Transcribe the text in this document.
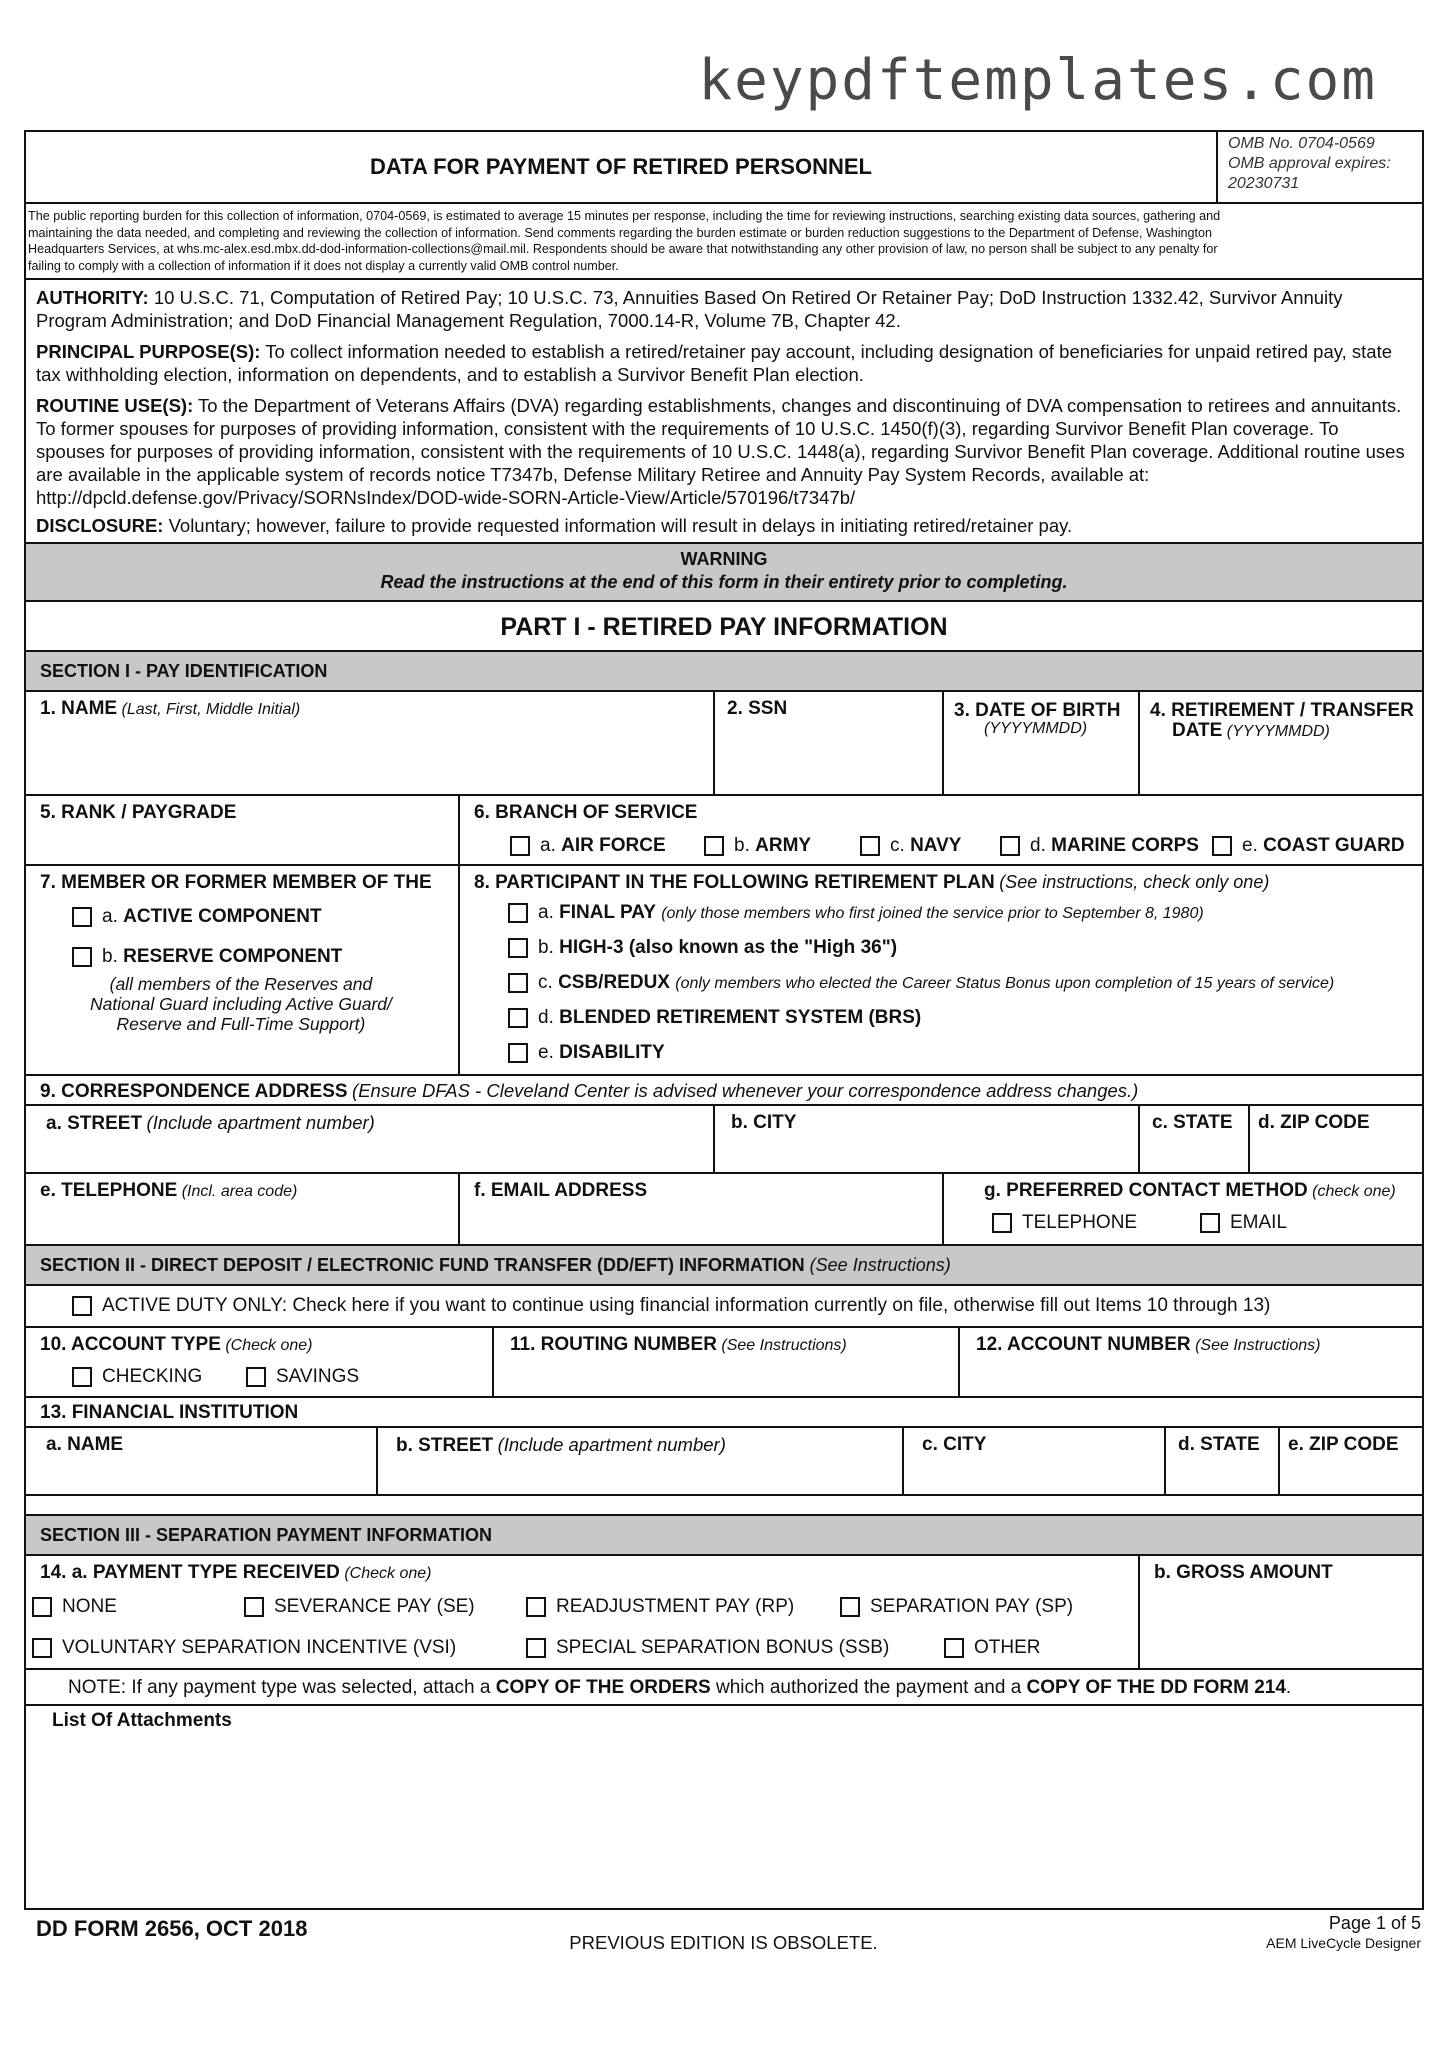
keypdftemplates.com
DATA FOR PAYMENT OF RETIRED PERSONNEL
OMB No. 0704-0569
OMB approval expires:
20230731
The public reporting burden for this collection of information, 0704-0569, is estimated to average 15 minutes per response, including the time for reviewing instructions, searching existing data sources, gathering and
maintaining the data needed, and completing and reviewing the collection of information. Send comments regarding the burden estimate or burden reduction suggestions to the Department of Defense, Washington
Headquarters Services, at whs.mc-alex.esd.mbx.dd-dod-information-collections@mail.mil. Respondents should be aware that notwithstanding any other provision of law, no person shall be subject to any penalty for
failing to comply with a collection of information if it does not display a currently valid OMB control number.
AUTHORITY: 10 U.S.C. 71, Computation of Retired Pay; 10 U.S.C. 73, Annuities Based On Retired Or Retainer Pay; DoD Instruction 1332.42, Survivor Annuity Program Administration; and DoD Financial Management Regulation, 7000.14-R, Volume 7B, Chapter 42.
PRINCIPAL PURPOSE(S): To collect information needed to establish a retired/retainer pay account, including designation of beneficiaries for unpaid retired pay, state tax withholding election, information on dependents, and to establish a Survivor Benefit Plan election.
ROUTINE USE(S): To the Department of Veterans Affairs (DVA) regarding establishments, changes and discontinuing of DVA compensation to retirees and annuitants. To former spouses for purposes of providing information, consistent with the requirements of 10 U.S.C. 1450(f)(3), regarding Survivor Benefit Plan coverage. To spouses for purposes of providing information, consistent with the requirements of 10 U.S.C. 1448(a), regarding Survivor Benefit Plan coverage. Additional routine uses are available in the applicable system of records notice T7347b, Defense Military Retiree and Annuity Pay System Records, available at: http://dpcld.defense.gov/Privacy/SORNsIndex/DOD-wide-SORN-Article-View/Article/570196/t7347b/
DISCLOSURE: Voluntary; however, failure to provide requested information will result in delays in initiating retired/retainer pay.
WARNING
Read the instructions at the end of this form in their entirety prior to completing.
PART I - RETIRED PAY INFORMATION
SECTION I - PAY IDENTIFICATION
1. NAME (Last, First, Middle Initial)	2. SSN	3. DATE OF BIRTH
(YYYYMMDD)
4. RETIREMENT / TRANSFER
DATE (YYYYMMDD)
5. RANK / PAYGRADE	6. BRANCH OF SERVICE
a. AIR FORCE	b. ARMY	c. NAVY	d. MARINE CORPS	e. COAST GUARD
7. MEMBER OR FORMER MEMBER OF THE
a. ACTIVE COMPONENT
b. RESERVE COMPONENT
(all members of the Reserves and
National Guard including Active Guard/
Reserve and Full-Time Support)
8. PARTICIPANT IN THE FOLLOWING RETIREMENT PLAN (See instructions, check only one)
a. FINAL PAY (only those members who first joined the service prior to September 8, 1980)
b. HIGH-3 (also known as the "High 36")
c. CSB/REDUX (only members who elected the Career Status Bonus upon completion of 15 years of service)
d. BLENDED RETIREMENT SYSTEM (BRS)
e. DISABILITY
9. CORRESPONDENCE ADDRESS (Ensure DFAS - Cleveland Center is advised whenever your correspondence address changes.)
a. STREET (Include apartment number)	b. CITY	c. STATE d. ZIP CODE
e. TELEPHONE (Incl. area code)	f. EMAIL ADDRESS	g. PREFERRED CONTACT METHOD (check one)
TELEPHONE	EMAIL
SECTION II - DIRECT DEPOSIT / ELECTRONIC FUND TRANSFER (DD/EFT) INFORMATION (See Instructions)
ACTIVE DUTY ONLY: Check here if you want to continue using financial information currently on file, otherwise fill out Items 10 through 13)
10. ACCOUNT TYPE (Check one)
CHECKING	SAVINGS
11. ROUTING NUMBER (See Instructions)	12. ACCOUNT NUMBER (See Instructions)
13. FINANCIAL INSTITUTION
a. NAME	b. STREET (Include apartment number)	c. CITY	d. STATE e. ZIP CODE
SECTION III - SEPARATION PAYMENT INFORMATION
14. a. PAYMENT TYPE RECEIVED (Check one)
NONE	SEVERANCE PAY (SE)	READJUSTMENT PAY (RP)	SEPARATION PAY (SP)
VOLUNTARY SEPARATION INCENTIVE (VSI)	SPECIAL SEPARATION BONUS (SSB)	OTHER
b. GROSS AMOUNT
NOTE: If any payment type was selected, attach a COPY OF THE ORDERS which authorized the payment and a COPY OF THE DD FORM 214.
List Of Attachments
DD FORM 2656, OCT 2018
PREVIOUS EDITION IS OBSOLETE.
Page 1 of 5
AEM LiveCycle Designer
